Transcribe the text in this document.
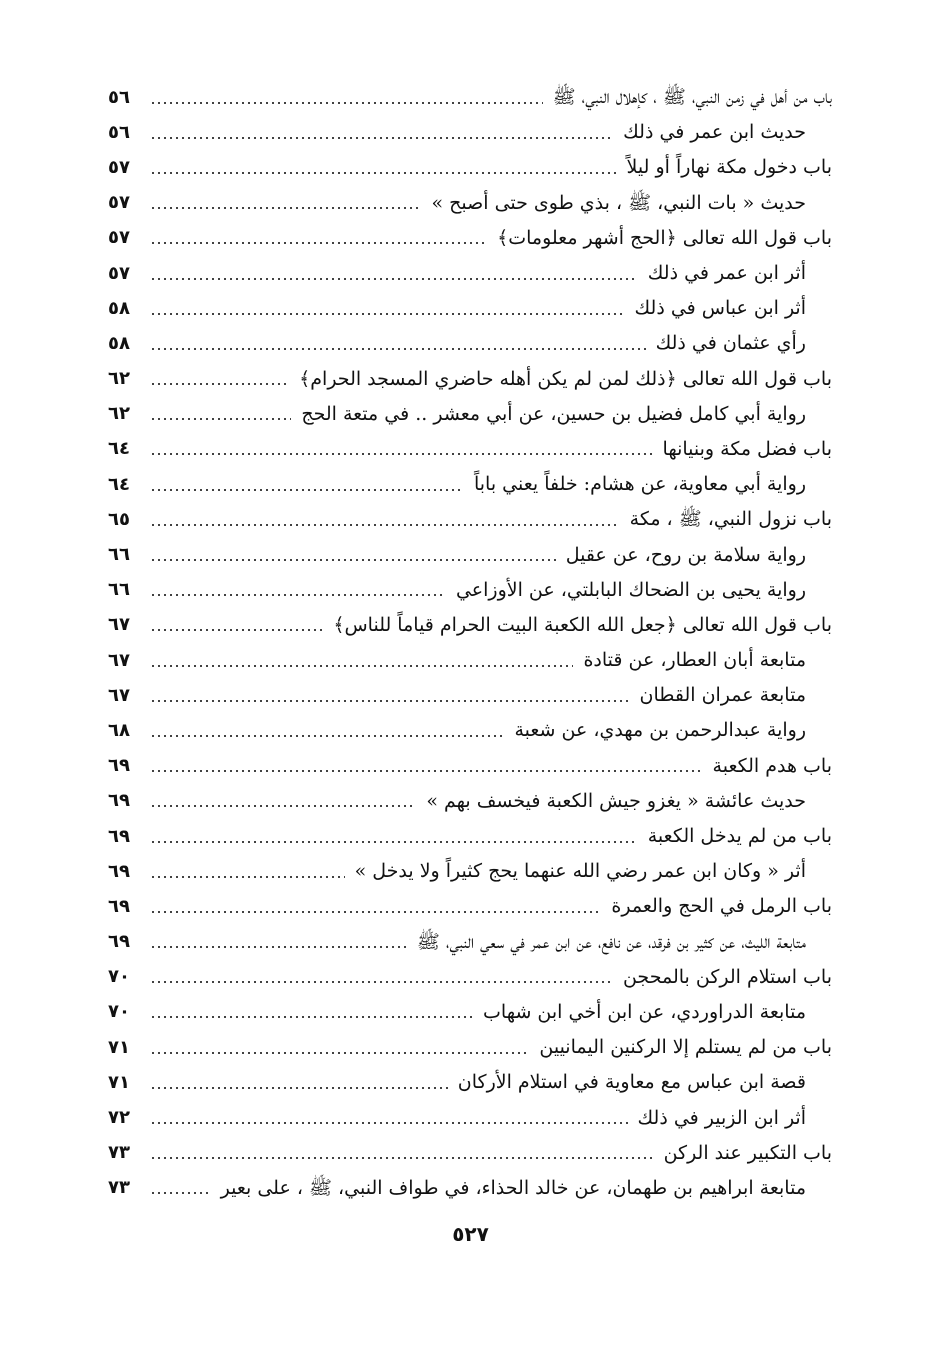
باب من أهل في زمن النبي، ﷺ ، كإهلال النبي، ﷺ
٥٦
حديث ابن عمر في ذلك
٥٦
باب دخول مكة نهاراً أو ليلاً
٥٧
حديث « بات النبي، ﷺ ، بذي طوى حتى أصبح »
٥٧
باب قول الله تعالى ﴿الحج أشهر معلومات﴾
٥٧
أثر ابن عمر في ذلك
٥٧
أثر ابن عباس في ذلك
٥٨
رأي عثمان في ذلك
٥٨
باب قول الله تعالى ﴿ذلك لمن لم يكن أهله حاضري المسجد الحرام﴾
٦٢
رواية أبي كامل فضيل بن حسين، عن أبي معشر .. في متعة الحج
٦٢
باب فضل مكة وبنيانها
٦٤
رواية أبي معاوية، عن هشام: خلفاً يعني باباً
٦٤
باب نزول النبي، ﷺ ، مكة
٦٥
رواية سلامة بن روح، عن عقيل
٦٦
رواية يحيى بن الضحاك البابلتي، عن الأوزاعي
٦٦
باب قول الله تعالى ﴿جعل الله الكعبة البيت الحرام قياماً للناس﴾
٦٧
متابعة أبان العطار، عن قتادة
٦٧
متابعة عمران القطان
٦٧
رواية عبدالرحمن بن مهدي، عن شعبة
٦٨
باب هدم الكعبة
٦٩
حديث عائشة « يغزو جيش الكعبة فيخسف بهم »
٦٩
باب من لم يدخل الكعبة
٦٩
أثر « وكان ابن عمر رضي الله عنهما يحج كثيراً ولا يدخل »
٦٩
باب الرمل في الحج والعمرة
٦٩
متابعة الليث، عن كثير بن فرقد، عن نافع، عن ابن عمر في سعي النبي، ﷺ
٦٩
باب استلام الركن بالمحجن
٧٠
متابعة الدراوردي، عن ابن أخي ابن شهاب
٧٠
باب من لم يستلم إلا الركنين اليمانيين
٧١
قصة ابن عباس مع معاوية في استلام الأركان
٧١
أثر ابن الزبير في ذلك
٧٢
باب التكبير عند الركن
٧٣
متابعة ابراهيم بن طهمان، عن خالد الحذاء، في طواف النبي، ﷺ ، على بعير
٧٣
٥٢٧
